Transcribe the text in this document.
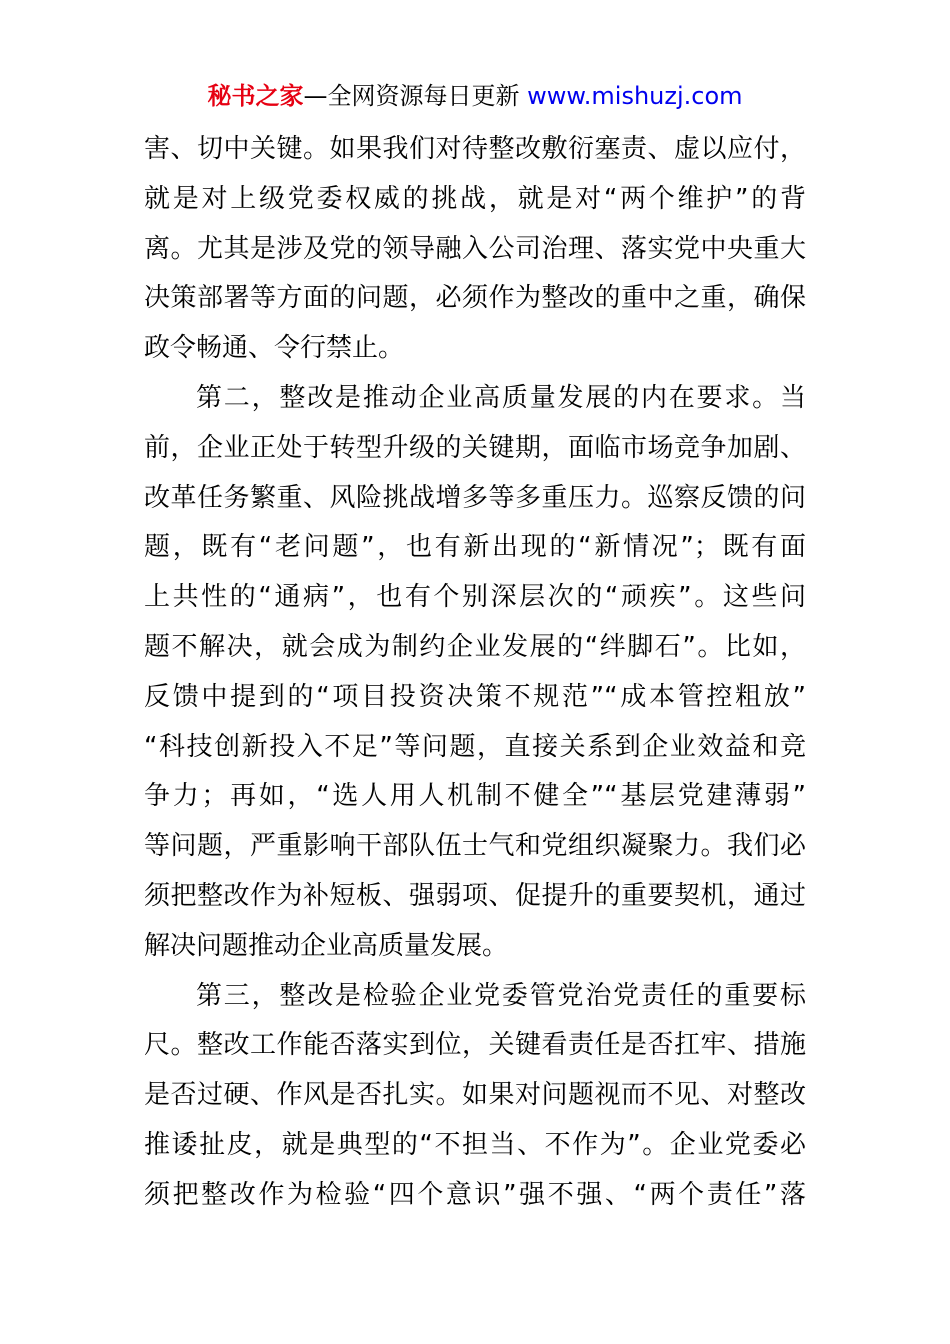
秘书之家—全网资源每日更新 www.mishuzj.com
害、切中关键。如果我们对待整改敷衍塞责、虚以应付，
就是对上级党委权威的挑战，就是对“两个维护”的背
离。尤其是涉及党的领导融入公司治理、落实党中央重大
决策部署等方面的问题，必须作为整改的重中之重，确保
政令畅通、令行禁止。
第二，整改是推动企业高质量发展的内在要求。当
前，企业正处于转型升级的关键期，面临市场竞争加剧、
改革任务繁重、风险挑战增多等多重压力。巡察反馈的问
题，既有“老问题”，也有新出现的“新情况”；既有面
上共性的“通病”，也有个别深层次的“顽疾”。这些问
题不解决，就会成为制约企业发展的“绊脚石”。比如，
反馈中提到的“项目投资决策不规范”“成本管控粗放”
“科技创新投入不足”等问题，直接关系到企业效益和竞
争力；再如，“选人用人机制不健全”“基层党建薄弱”
等问题，严重影响干部队伍士气和党组织凝聚力。我们必
须把整改作为补短板、强弱项、促提升的重要契机，通过
解决问题推动企业高质量发展。
第三，整改是检验企业党委管党治党责任的重要标
尺。整改工作能否落实到位，关键看责任是否扛牢、措施
是否过硬、作风是否扎实。如果对问题视而不见、对整改
推诿扯皮，就是典型的“不担当、不作为”。企业党委必
须把整改作为检验“四个意识”强不强、“两个责任”落
